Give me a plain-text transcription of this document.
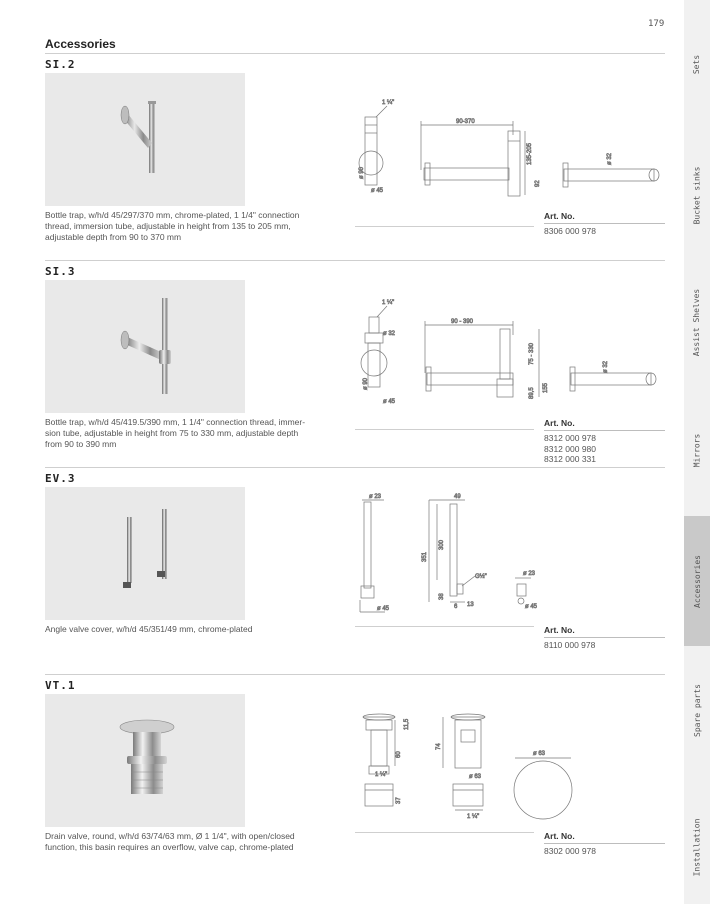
179
Accessories
Sets
Bucket sinks
Assist Shelves
Mirrors
Accessories
Spare parts
Installation
SI.2
Bottle trap, w/h/d 45/297/370 mm, chrome-plated, 1 1/4" connection
thread, immersion tube, adjustable in height from 135 to 205 mm,
adjustable depth from 90 to 370 mm
1 ¼"
ø 45
ø 90
90-370
135-205
92
ø 32
Art. No.
8306 000 978
SI.3
Bottle trap, w/h/d 45/419.5/390 mm, 1 1/4" connection thread, immer-
sion tube, adjustable in height from 75 to 330 mm, adjustable depth
from 90 to 390 mm
1 ¼"
ø 32
ø 90
ø 45
90 - 390
75 - 330
89,5 155
ø 32
Art. No.
8312 000 978
8312 000 980
8312 000 331
EV.3
Angle valve cover, w/h/d 45/351/49 mm, chrome-plated
ø 23
ø 45
49
351
300
38
G½"
6 13
ø 23
ø 45
Art. No.
8110 000 978
VT.1
Drain valve, round, w/h/d 63/74/63 mm, Ø 1 1/4", with open/closed
function, this basin requires an overflow, valve cap, chrome-plated
11,5
60
1 ¼"
37
74
ø 63
1 ¼"
ø 63
Art. No.
8302 000 978
